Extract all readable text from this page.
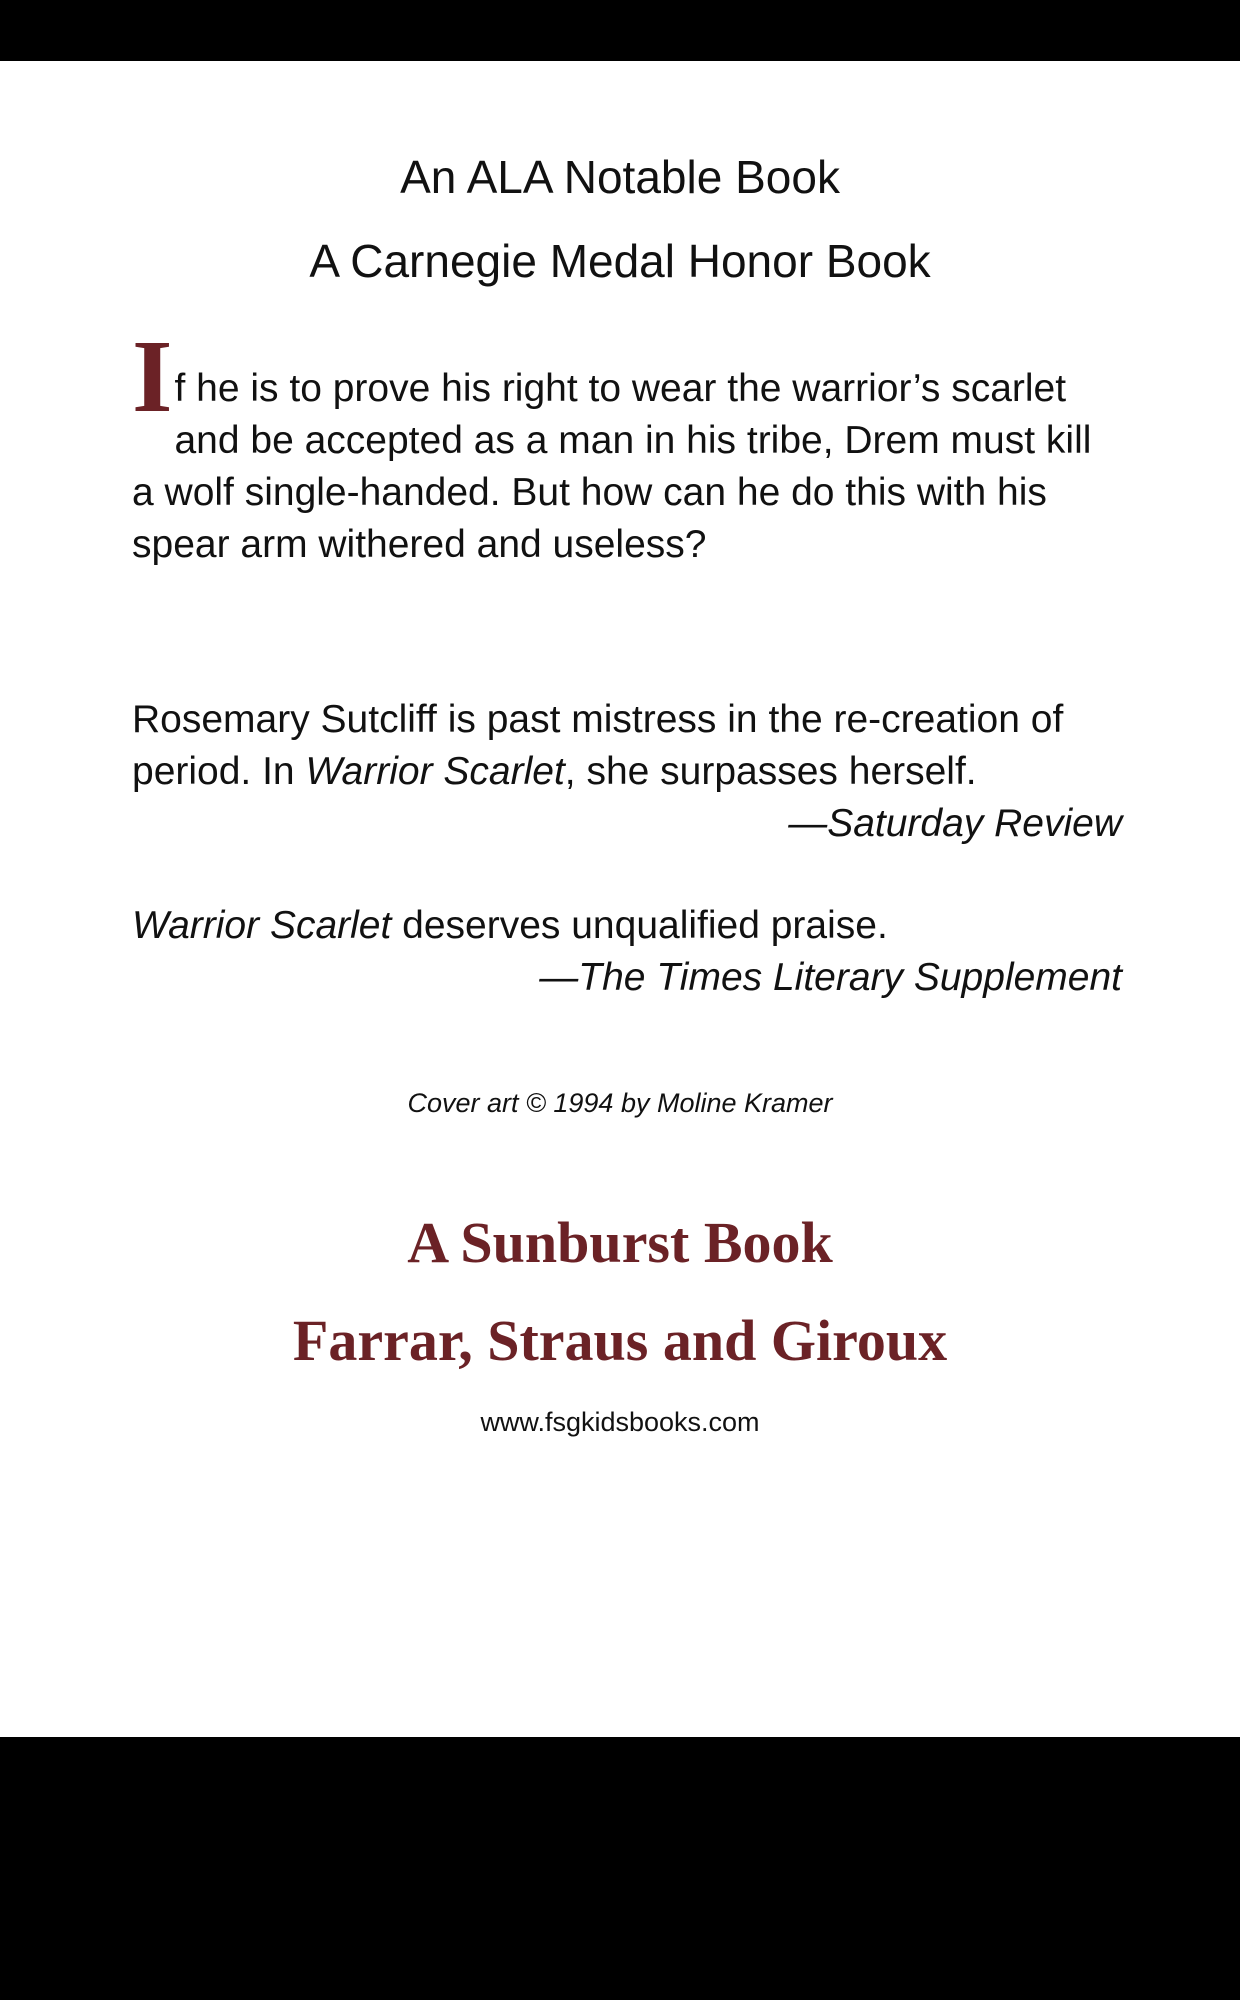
An ALA Notable Book
A Carnegie Medal Honor Book
I f he is to prove his right to wear the warrior’s scarlet
and be accepted as a man in his tribe, Drem must kill a wolf single-handed. But how can he do this with his spear arm withered and useless?
Rosemary Sutcliff is past mistress in the re-creation of period. In Warrior Scarlet, she surpasses herself.
—Saturday Review
Warrior Scarlet deserves unqualified praise.
—The Times Literary Supplement
Cover art © 1994 by Moline Kramer
A Sunburst Book
Farrar, Straus and Giroux
www.fsgkidsbooks.com
